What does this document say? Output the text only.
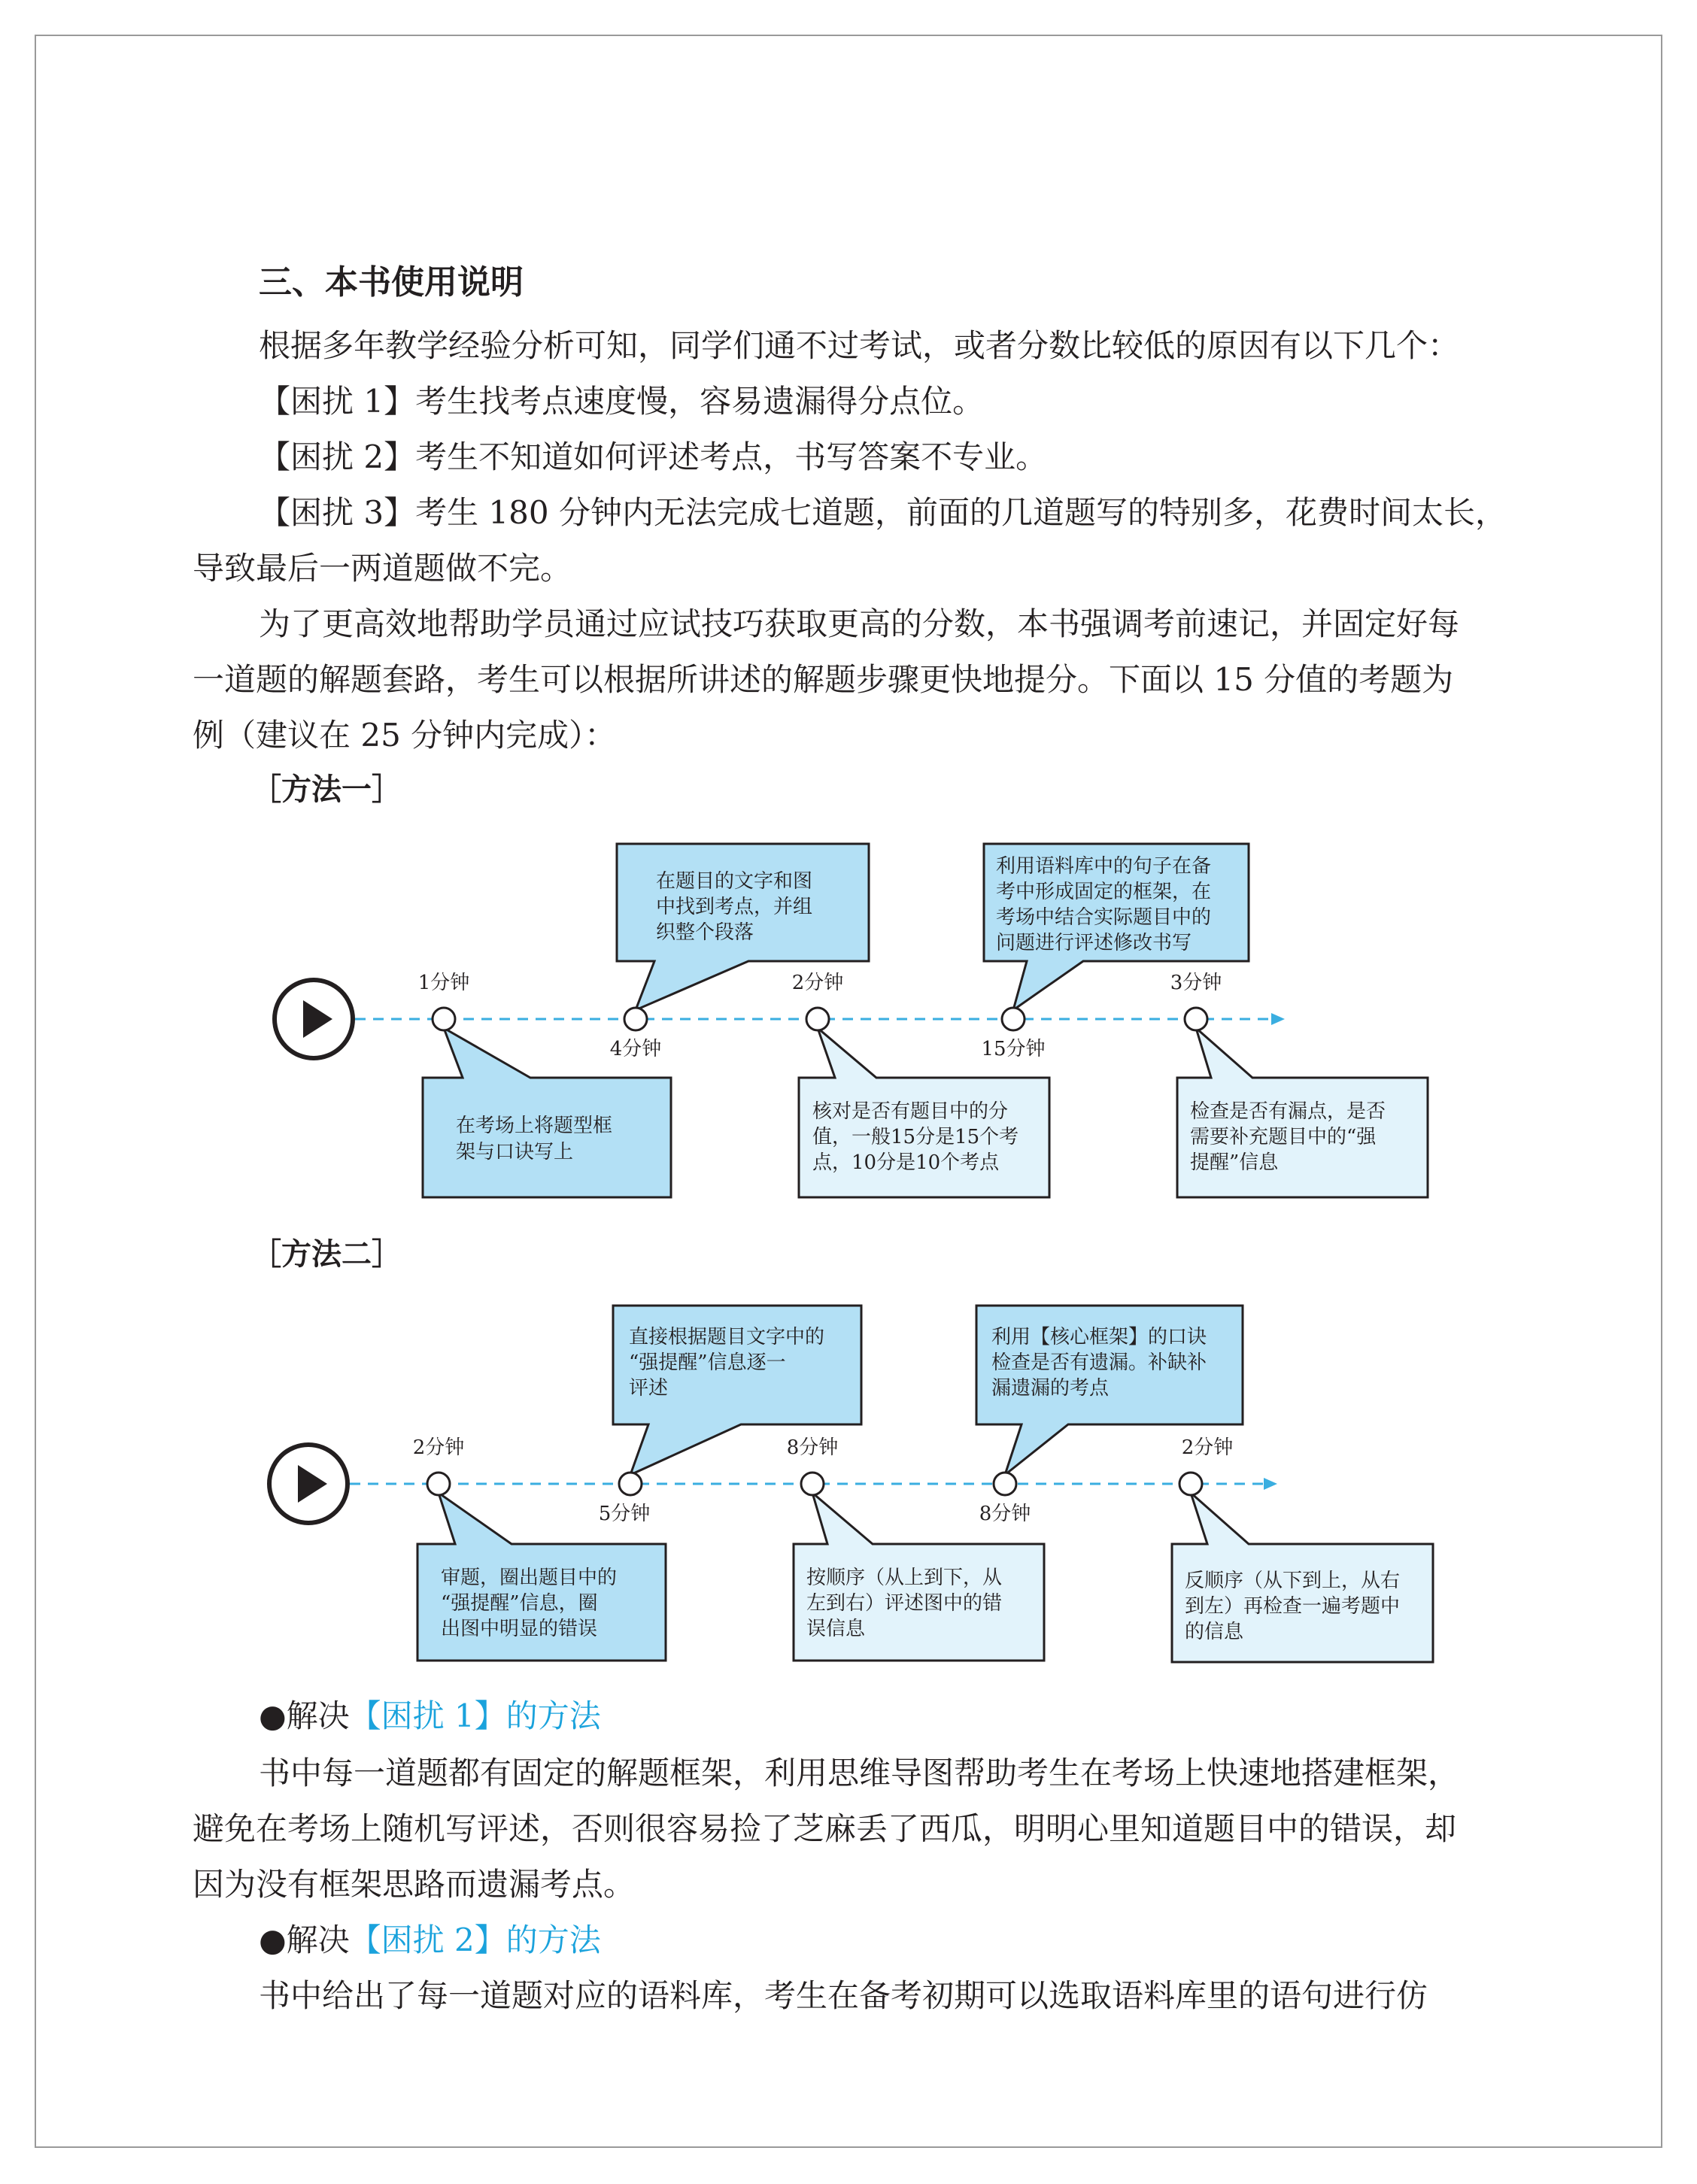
三、本书使用说明
根据多年教学经验分析可知，同学们通不过考试，或者分数比较低的原因有以下几个：
【困扰 1】考生找考点速度慢，容易遗漏得分点位。
【困扰 2】考生不知道如何评述考点，书写答案不专业。
【困扰 3】考生 180 分钟内无法完成七道题，前面的几道题写的特别多，花费时间太长，
导致最后一两道题做不完。
为了更高效地帮助学员通过应试技巧获取更高的分数，本书强调考前速记，并固定好每
一道题的解题套路，考生可以根据所讲述的解题步骤更快地提分。下面以 15 分值的考题为
例（建议在 25 分钟内完成）：
［方法一］
1分钟
在考场上将题型框
架与口诀写上
4分钟
在题目的文字和图
中找到考点，并组
织整个段落
2分钟
核对是否有题目中的分
值，一般15分是15个考
点，10分是10个考点
15分钟
利用语料库中的句子在备
考中形成固定的框架，在
考场中结合实际题目中的
问题进行评述修改书写
3分钟
检查是否有漏点，是否
需要补充题目中的“强
提醒”信息
［方法二］
2分钟
审题，圈出题目中的
“强提醒”信息，圈
出图中明显的错误
5分钟
直接根据题目文字中的
“强提醒”信息逐一
评述
8分钟
按顺序（从上到下，从
左到右）评述图中的错
误信息
8分钟
利用【核心框架】的口诀
检查是否有遗漏。补缺补
漏遗漏的考点
2分钟
反顺序（从下到上，从右
到左）再检查一遍考题中
的信息
●解决【困扰 1】的方法
书中每一道题都有固定的解题框架，利用思维导图帮助考生在考场上快速地搭建框架，
避免在考场上随机写评述，否则很容易捡了芝麻丢了西瓜，明明心里知道题目中的错误，却
因为没有框架思路而遗漏考点。
●解决【困扰 2】的方法
书中给出了每一道题对应的语料库，考生在备考初期可以选取语料库里的语句进行仿
